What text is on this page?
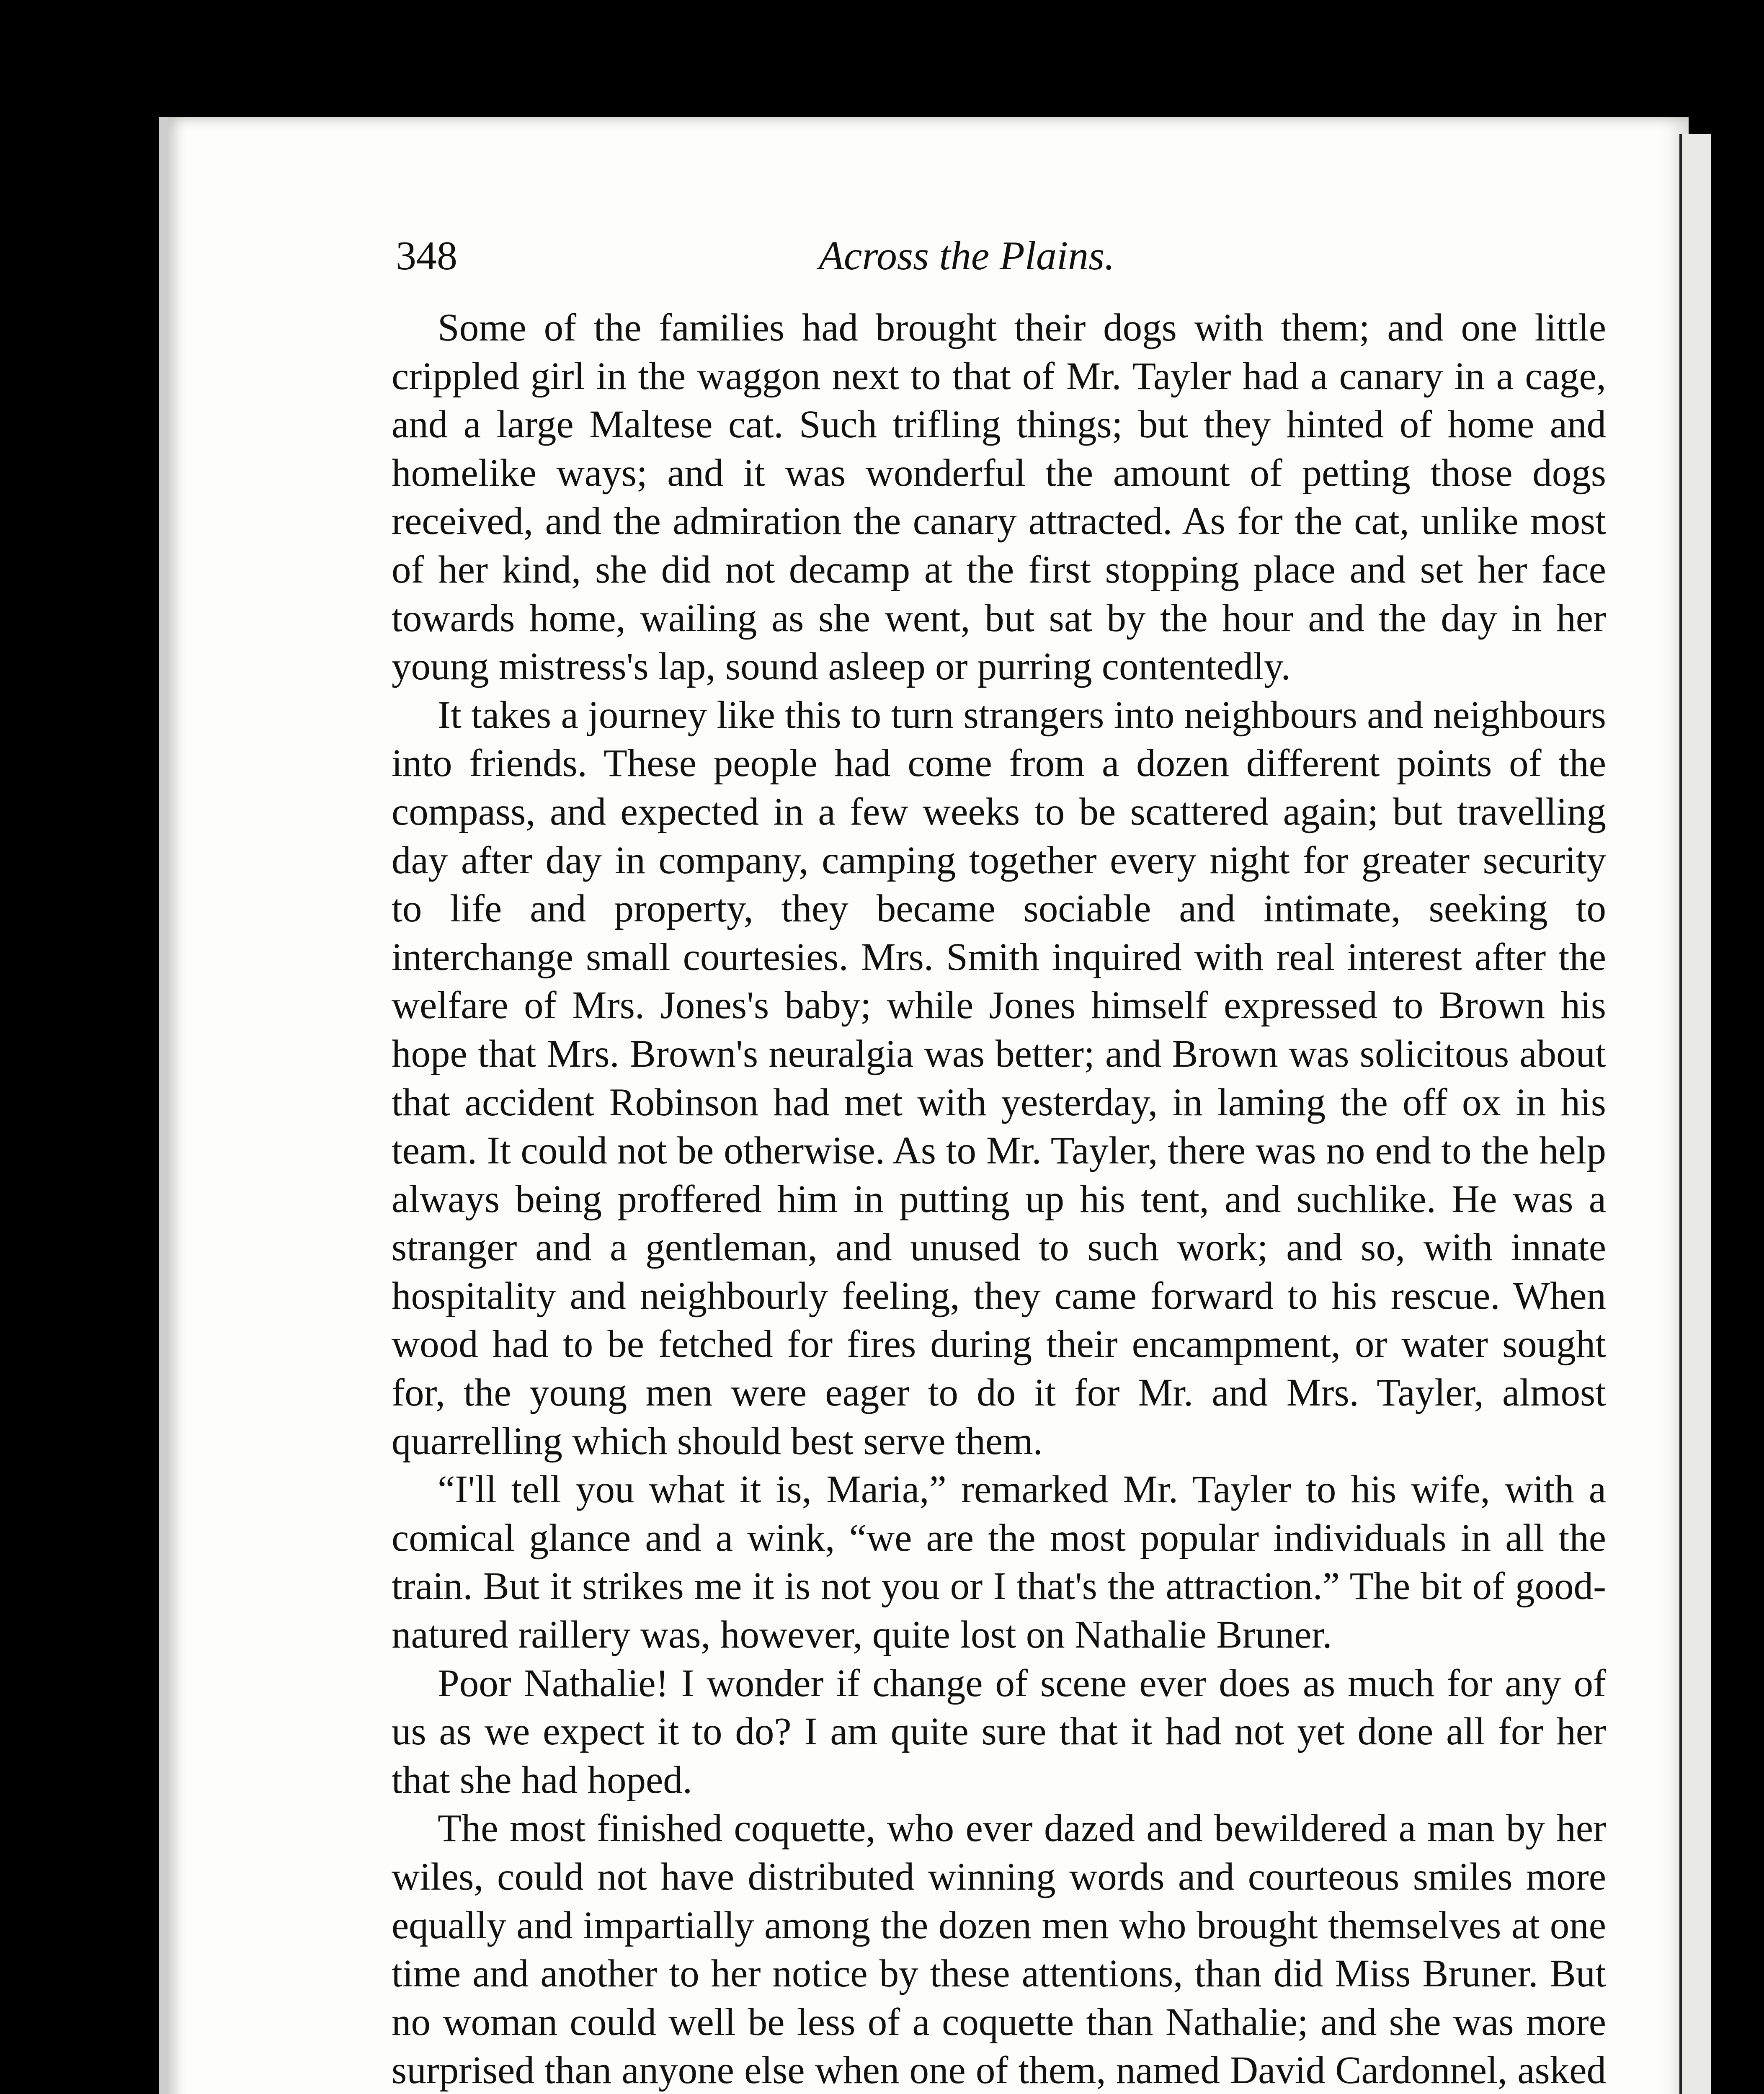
348	Across the Plains.

Some of the families had brought their dogs with them; and one little crippled girl in the waggon next to that of Mr. Tayler had a canary in a cage, and a large Maltese cat. Such trifling things; but they hinted of home and homelike ways; and it was wonderful the amount of petting those dogs received, and the admiration the canary attracted. As for the cat, unlike most of her kind, she did not decamp at the first stopping place and set her face towards home, wailing as she went, but sat by the hour and the day in her young mistress's lap, sound asleep or purring contentedly.

It takes a journey like this to turn strangers into neighbours and neighbours into friends. These people had come from a dozen different points of the compass, and expected in a few weeks to be scattered again; but travelling day after day in company, camping together every night for greater security to life and property, they became sociable and intimate, seeking to interchange small courtesies. Mrs. Smith inquired with real interest after the welfare of Mrs. Jones's baby; while Jones himself expressed to Brown his hope that Mrs. Brown's neuralgia was better; and Brown was solicitous about that accident Robinson had met with yesterday, in laming the off ox in his team. It could not be otherwise. As to Mr. Tayler, there was no end to the help always being proffered him in putting up his tent, and suchlike. He was a stranger and a gentleman, and unused to such work; and so, with innate hospitality and neighbourly feeling, they came forward to his rescue. When wood had to be fetched for fires during their encampment, or water sought for, the young men were eager to do it for Mr. and Mrs. Tayler, almost quarrelling which should best serve them.

“I'll tell you what it is, Maria,” remarked Mr. Tayler to his wife, with a comical glance and a wink, “we are the most popular individuals in all the train. But it strikes me it is not you or I that's the attraction.” The bit of good-natured raillery was, however, quite lost on Nathalie Bruner.

Poor Nathalie! I wonder if change of scene ever does as much for any of us as we expect it to do? I am quite sure that it had not yet done all for her that she had hoped.

The most finished coquette, who ever dazed and bewildered a man by her wiles, could not have distributed winning words and courteous smiles more equally and impartially among the dozen men who brought themselves at one time and another to her notice by these attentions, than did Miss Bruner. But no woman could well be less of a coquette than Nathalie; and she was more surprised than anyone else when one of them, named David Cardonnel, asked
